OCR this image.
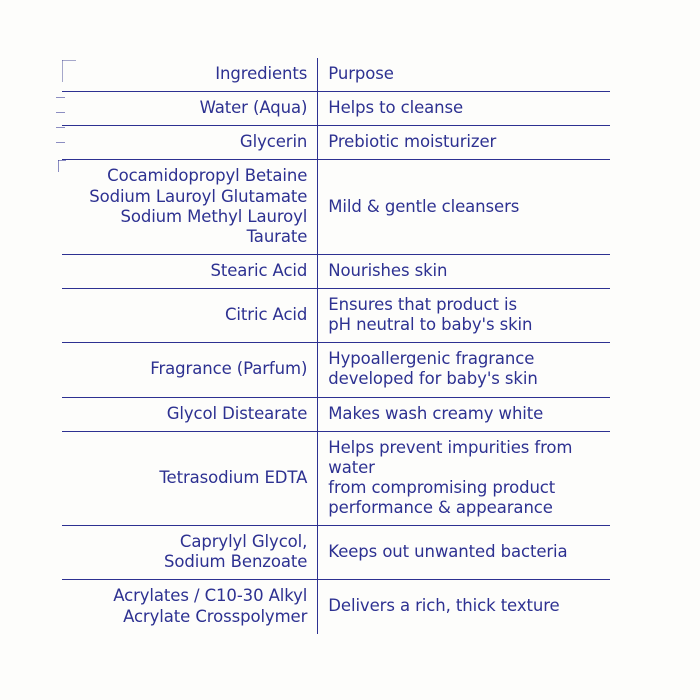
Ingredients	Purpose

Water (Aqua)	Helps to cleanse

Glycerin	Prebiotic moisturizer

Cocamidopropyl Betaine
Sodium Lauroyl Glutamate
Sodium Methyl Lauroyl Taurate	Mild & gentle cleansers

Stearic Acid	Nourishes skin

Citric Acid	Ensures that product is
pH neutral to baby's skin

Fragrance (Parfum)	Hypoallergenic fragrance
developed for baby's skin

Glycol Distearate	Makes wash creamy white

Tetrasodium EDTA	Helps prevent impurities from water
from compromising product
performance & appearance

Caprylyl Glycol,
Sodium Benzoate	Keeps out unwanted bacteria

Acrylates / C10-30 Alkyl
Acrylate Crosspolymer	Delivers a rich, thick texture
